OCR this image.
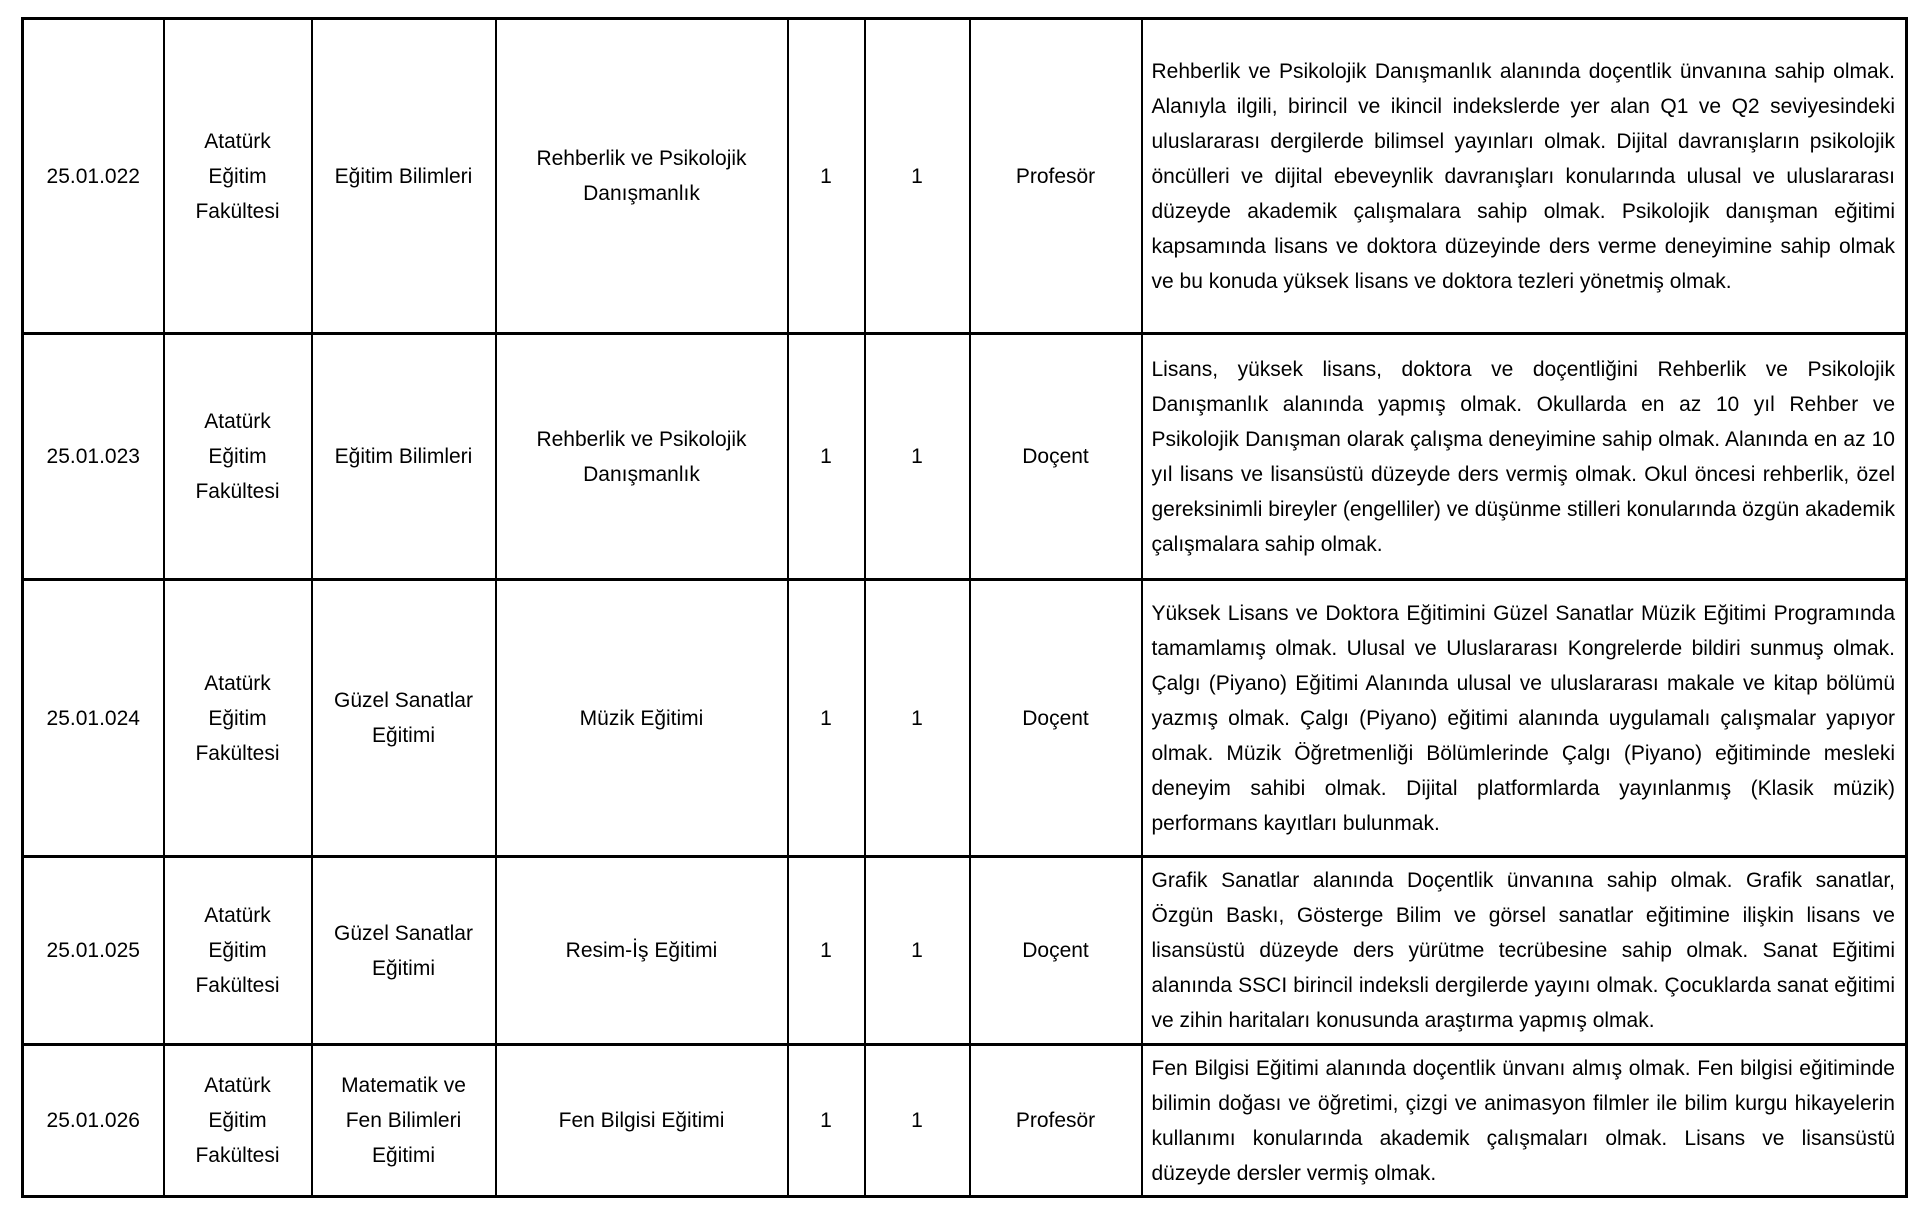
25.01.022	Atatürk Eğitim Fakültesi	Eğitim Bilimleri	Rehberlik ve Psikolojik Danışmanlık	1	1	Profesör	Rehberlik ve Psikolojik Danışmanlık alanında doçentlik ünvanına sahip olmak. Alanıyla ilgili, birincil ve ikincil indekslerde yer alan Q1 ve Q2 seviyesindeki uluslararası dergilerde bilimsel yayınları olmak. Dijital davranışların psikolojik öncülleri ve dijital ebeveynlik davranışları konularında ulusal ve uluslararası düzeyde akademik çalışmalara sahip olmak. Psikolojik danışman eğitimi kapsamında lisans ve doktora düzeyinde ders verme deneyimine sahip olmak ve bu konuda yüksek lisans ve doktora tezleri yönetmiş olmak.
25.01.023	Atatürk Eğitim Fakültesi	Eğitim Bilimleri	Rehberlik ve Psikolojik Danışmanlık	1	1	Doçent	Lisans, yüksek lisans, doktora ve doçentliğini Rehberlik ve Psikolojik Danışmanlık alanında yapmış olmak. Okullarda en az 10 yıl Rehber ve Psikolojik Danışman olarak çalışma deneyimine sahip olmak. Alanında en az 10 yıl lisans ve lisansüstü düzeyde ders vermiş olmak. Okul öncesi rehberlik, özel gereksinimli bireyler (engelliler) ve düşünme stilleri konularında özgün akademik çalışmalara sahip olmak.
25.01.024	Atatürk Eğitim Fakültesi	Güzel Sanatlar Eğitimi	Müzik Eğitimi	1	1	Doçent	Yüksek Lisans ve Doktora Eğitimini Güzel Sanatlar Müzik Eğitimi Programında tamamlamış olmak. Ulusal ve Uluslararası Kongrelerde bildiri sunmuş olmak. Çalgı (Piyano) Eğitimi Alanında ulusal ve uluslararası makale ve kitap bölümü yazmış olmak. Çalgı (Piyano) eğitimi alanında uygulamalı çalışmalar yapıyor olmak. Müzik Öğretmenliği Bölümlerinde Çalgı (Piyano) eğitiminde mesleki deneyim sahibi olmak. Dijital platformlarda yayınlanmış (Klasik müzik) performans kayıtları bulunmak.
25.01.025	Atatürk Eğitim Fakültesi	Güzel Sanatlar Eğitimi	Resim-İş Eğitimi	1	1	Doçent	Grafik Sanatlar alanında Doçentlik ünvanına sahip olmak. Grafik sanatlar, Özgün Baskı, Gösterge Bilim ve görsel sanatlar eğitimine ilişkin lisans ve lisansüstü düzeyde ders yürütme tecrübesine sahip olmak. Sanat Eğitimi alanında SSCI birincil indeksli dergilerde yayını olmak. Çocuklarda sanat eğitimi ve zihin haritaları konusunda araştırma yapmış olmak.
25.01.026	Atatürk Eğitim Fakültesi	Matematik ve Fen Bilimleri Eğitimi	Fen Bilgisi Eğitimi	1	1	Profesör	Fen Bilgisi Eğitimi alanında doçentlik ünvanı almış olmak. Fen bilgisi eğitiminde bilimin doğası ve öğretimi, çizgi ve animasyon filmler ile bilim kurgu hikayelerin kullanımı konularında akademik çalışmaları olmak. Lisans ve lisansüstü düzeyde dersler vermiş olmak.
